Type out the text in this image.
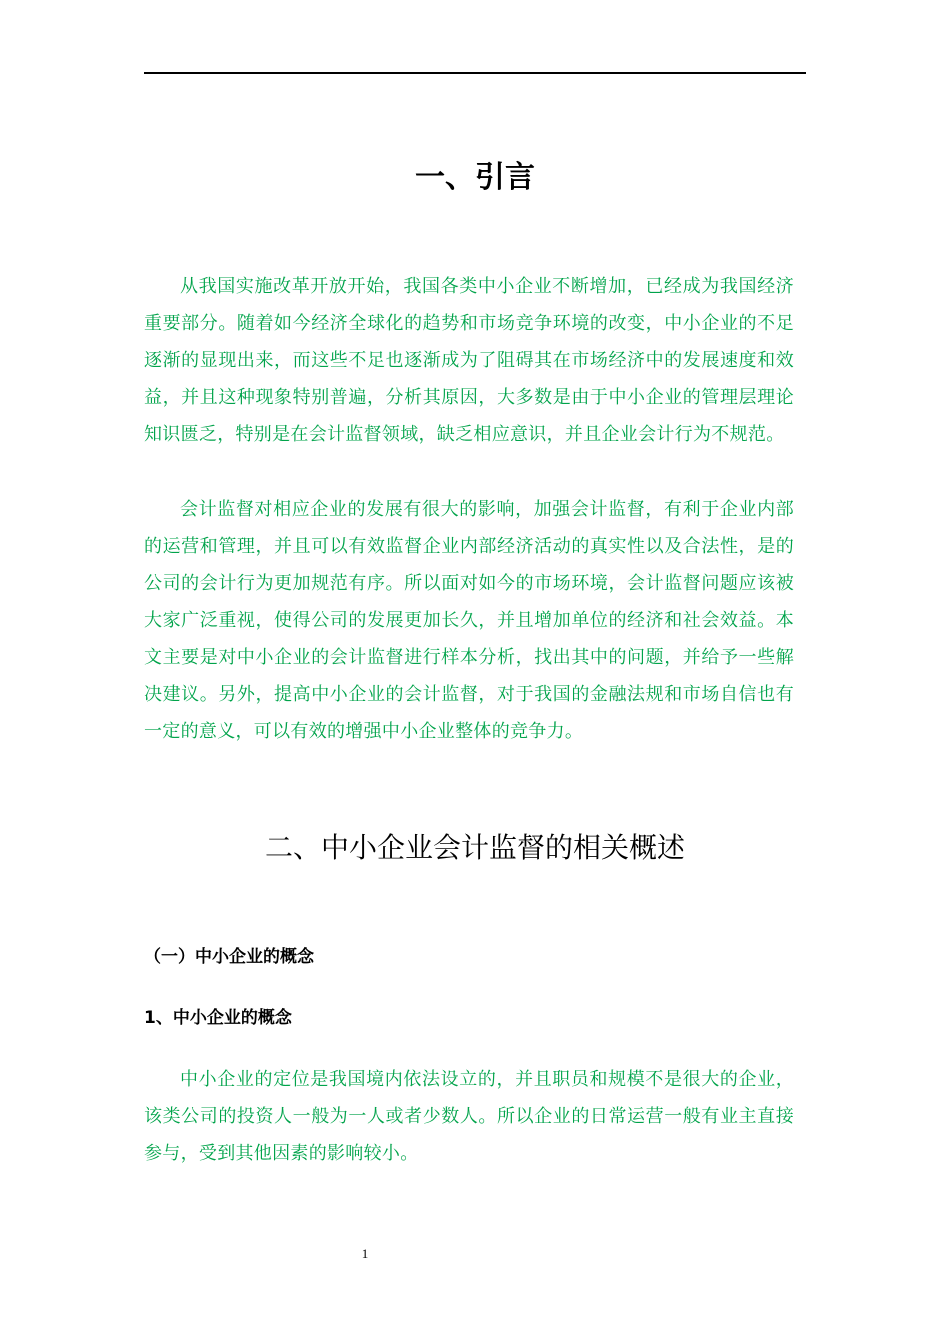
一、引言

从我国实施改革开放开始，我国各类中小企业不断增加，已经成为我国经济重要部分。随着如今经济全球化的趋势和市场竞争环境的改变，中小企业的不足逐渐的显现出来，而这些不足也逐渐成为了阻碍其在市场经济中的发展速度和效益，并且这种现象特别普遍，分析其原因，大多数是由于中小企业的管理层理论知识匮乏，特别是在会计监督领域，缺乏相应意识，并且企业会计行为不规范。

会计监督对相应企业的发展有很大的影响，加强会计监督，有利于企业内部的运营和管理，并且可以有效监督企业内部经济活动的真实性以及合法性，是的公司的会计行为更加规范有序。所以面对如今的市场环境，会计监督问题应该被大家广泛重视，使得公司的发展更加长久，并且增加单位的经济和社会效益。本文主要是对中小企业的会计监督进行样本分析，找出其中的问题，并给予一些解决建议。另外，提高中小企业的会计监督，对于我国的金融法规和市场自信也有一定的意义，可以有效的增强中小企业整体的竞争力。

二、中小企业会计监督的相关概述
（一）中小企业的概念
1、中小企业的概念

中小企业的定位是我国境内依法设立的，并且职员和规模不是很大的企业，该类公司的投资人一般为一人或者少数人。所以企业的日常运营一般有业主直接参与，受到其他因素的影响较小。

1
